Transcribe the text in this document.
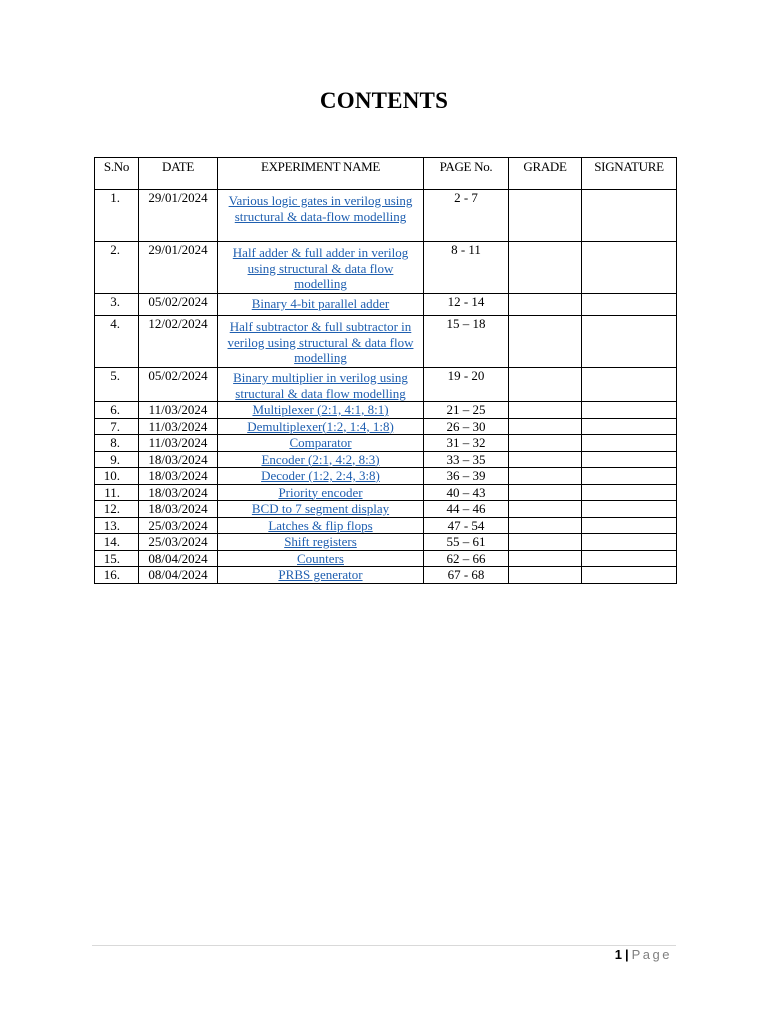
CONTENTS
S.No	DATE	EXPERIMENT NAME	PAGE No.	GRADE	SIGNATURE
1.	29/01/2024	Various logic gates in verilog using structural & data-flow modelling	2 - 7		
2.	29/01/2024	Half adder & full adder in verilog using structural & data flow modelling	8 - 11		
3.	05/02/2024	Binary 4-bit parallel adder	12 - 14		
4.	12/02/2024	Half subtractor & full subtractor in verilog using structural & data flow modelling	15 – 18		
5.	05/02/2024	Binary multiplier in verilog using structural & data flow modelling	19 - 20		
6.	11/03/2024	Multiplexer (2:1, 4:1, 8:1)	21 – 25		
7.	11/03/2024	Demultiplexer(1:2, 1:4, 1:8)	26 – 30		
8.	11/03/2024	Comparator	31 – 32		
9.	18/03/2024	Encoder (2:1, 4:2, 8:3)	33 – 35		
10.	18/03/2024	Decoder (1:2, 2:4, 3:8)	36 – 39		
11.	18/03/2024	Priority encoder	40 – 43		
12.	18/03/2024	BCD to 7 segment display	44 – 46		
13.	25/03/2024	Latches & flip flops	47 - 54		
14.	25/03/2024	Shift registers	55 – 61		
15.	08/04/2024	Counters	62 – 66		
16.	08/04/2024	PRBS generator	67 - 68		
1 | Page
